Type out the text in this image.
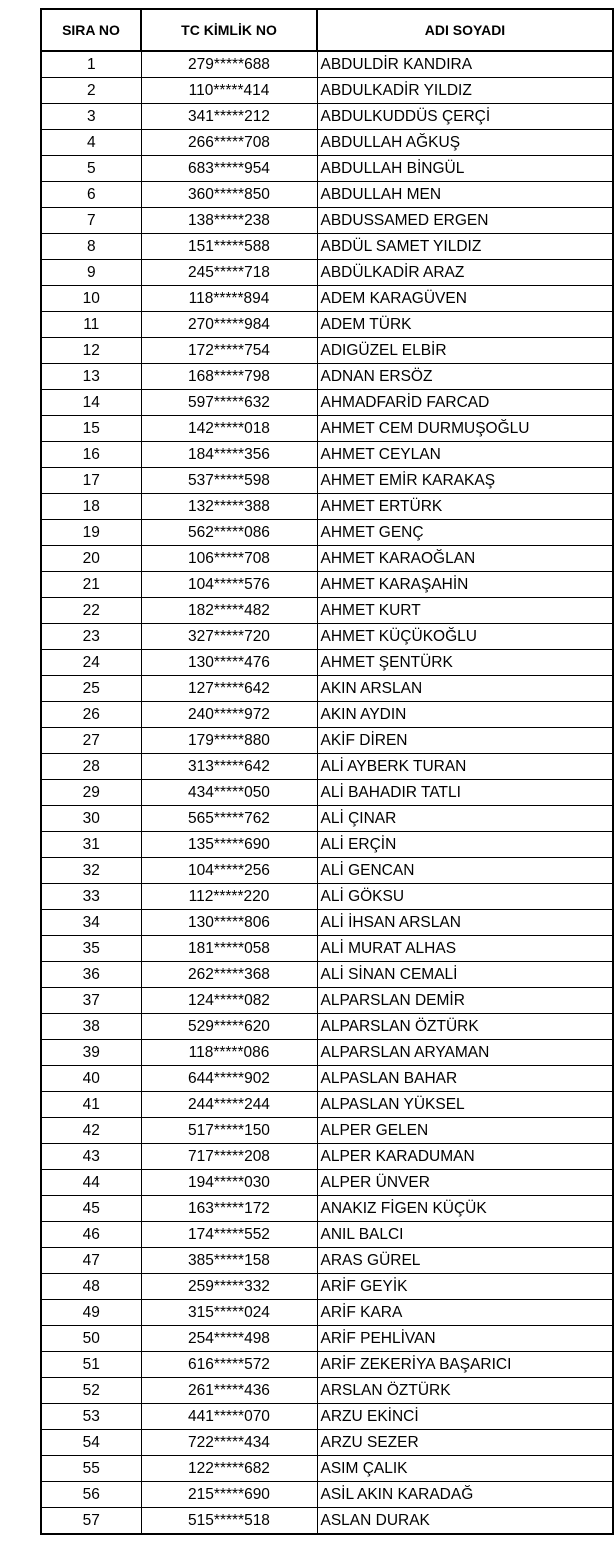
SIRA NO	TC KİMLİK NO	ADI SOYADI
1	279*****688	ABDULDİR KANDIRA
2	110*****414	ABDULKADİR YILDIZ
3	341*****212	ABDULKUDDÜS ÇERÇİ
4	266*****708	ABDULLAH AĞKUŞ
5	683*****954	ABDULLAH BİNGÜL
6	360*****850	ABDULLAH MEN
7	138*****238	ABDUSSAMED ERGEN
8	151*****588	ABDÜL SAMET YILDIZ
9	245*****718	ABDÜLKADİR ARAZ
10	118*****894	ADEM KARAGÜVEN
11	270*****984	ADEM TÜRK
12	172*****754	ADIGÜZEL ELBİR
13	168*****798	ADNAN ERSÖZ
14	597*****632	AHMADFARİD FARCAD
15	142*****018	AHMET CEM DURMUŞOĞLU
16	184*****356	AHMET CEYLAN
17	537*****598	AHMET EMİR KARAKAŞ
18	132*****388	AHMET ERTÜRK
19	562*****086	AHMET GENÇ
20	106*****708	AHMET KARAOĞLAN
21	104*****576	AHMET KARAŞAHİN
22	182*****482	AHMET KURT
23	327*****720	AHMET KÜÇÜKOĞLU
24	130*****476	AHMET ŞENTÜRK
25	127*****642	AKIN ARSLAN
26	240*****972	AKIN AYDIN
27	179*****880	AKİF DİREN
28	313*****642	ALİ AYBERK TURAN
29	434*****050	ALİ BAHADIR TATLI
30	565*****762	ALİ ÇINAR
31	135*****690	ALİ ERÇİN
32	104*****256	ALİ GENCAN
33	112*****220	ALİ GÖKSU
34	130*****806	ALİ İHSAN ARSLAN
35	181*****058	ALİ MURAT ALHAS
36	262*****368	ALİ SİNAN CEMALİ
37	124*****082	ALPARSLAN DEMİR
38	529*****620	ALPARSLAN ÖZTÜRK
39	118*****086	ALPARSLAN ARYAMAN
40	644*****902	ALPASLAN BAHAR
41	244*****244	ALPASLAN YÜKSEL
42	517*****150	ALPER GELEN
43	717*****208	ALPER KARADUMAN
44	194*****030	ALPER ÜNVER
45	163*****172	ANAKIZ FİGEN KÜÇÜK
46	174*****552	ANIL BALCI
47	385*****158	ARAS GÜREL
48	259*****332	ARİF GEYİK
49	315*****024	ARİF KARA
50	254*****498	ARİF PEHLİVAN
51	616*****572	ARİF ZEKERİYA BAŞARICI
52	261*****436	ARSLAN ÖZTÜRK
53	441*****070	ARZU EKİNCİ
54	722*****434	ARZU SEZER
55	122*****682	ASIM ÇALIK
56	215*****690	ASİL AKIN KARADAĞ
57	515*****518	ASLAN DURAK
